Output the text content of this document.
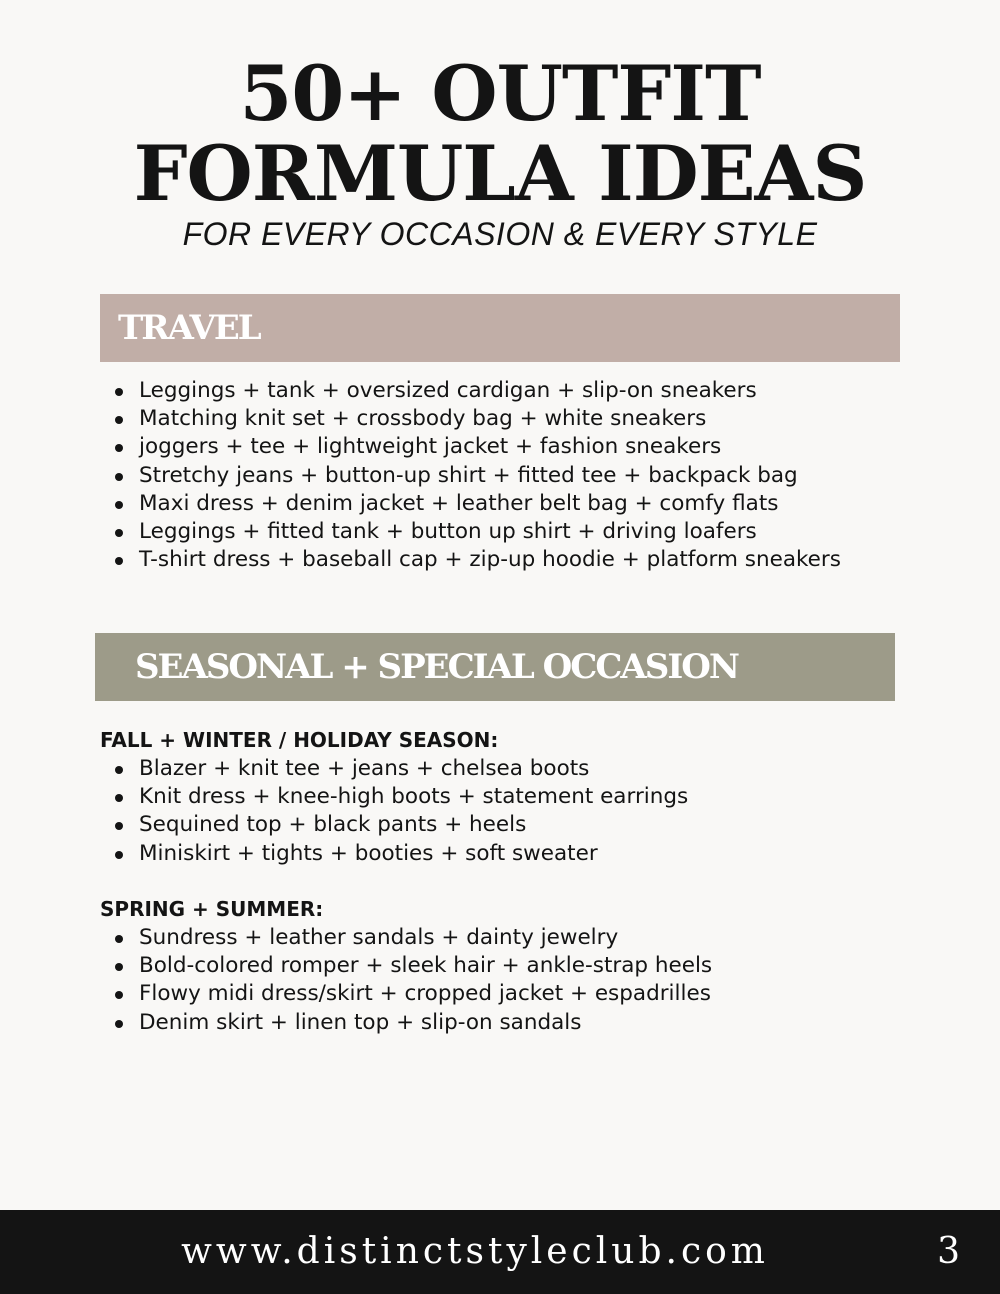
50+ OUTFIT
FORMULA IDEAS

FOR EVERY OCCASION & EVERY STYLE

TRAVEL
Leggings + tank + oversized cardigan + slip-on sneakers
Matching knit set + crossbody bag + white sneakers
joggers + tee + lightweight jacket + fashion sneakers
Stretchy jeans + button-up shirt + fitted tee + backpack bag
Maxi dress + denim jacket + leather belt bag + comfy flats
Leggings + fitted tank + button up shirt + driving loafers
T-shirt dress + baseball cap + zip-up hoodie + platform sneakers
SEASONAL + SPECIAL OCCASION
FALL + WINTER / HOLIDAY SEASON:
Blazer + knit tee + jeans + chelsea boots
Knit dress + knee-high boots + statement earrings
Sequined top + black pants + heels
Miniskirt + tights + booties + soft sweater
SPRING + SUMMER:
Sundress + leather sandals + dainty jewelry
Bold-colored romper + sleek hair + ankle-strap heels
Flowy midi dress/skirt + cropped jacket + espadrilles
Denim skirt + linen top + slip-on sandals
www.distinctstyleclub.com	3
